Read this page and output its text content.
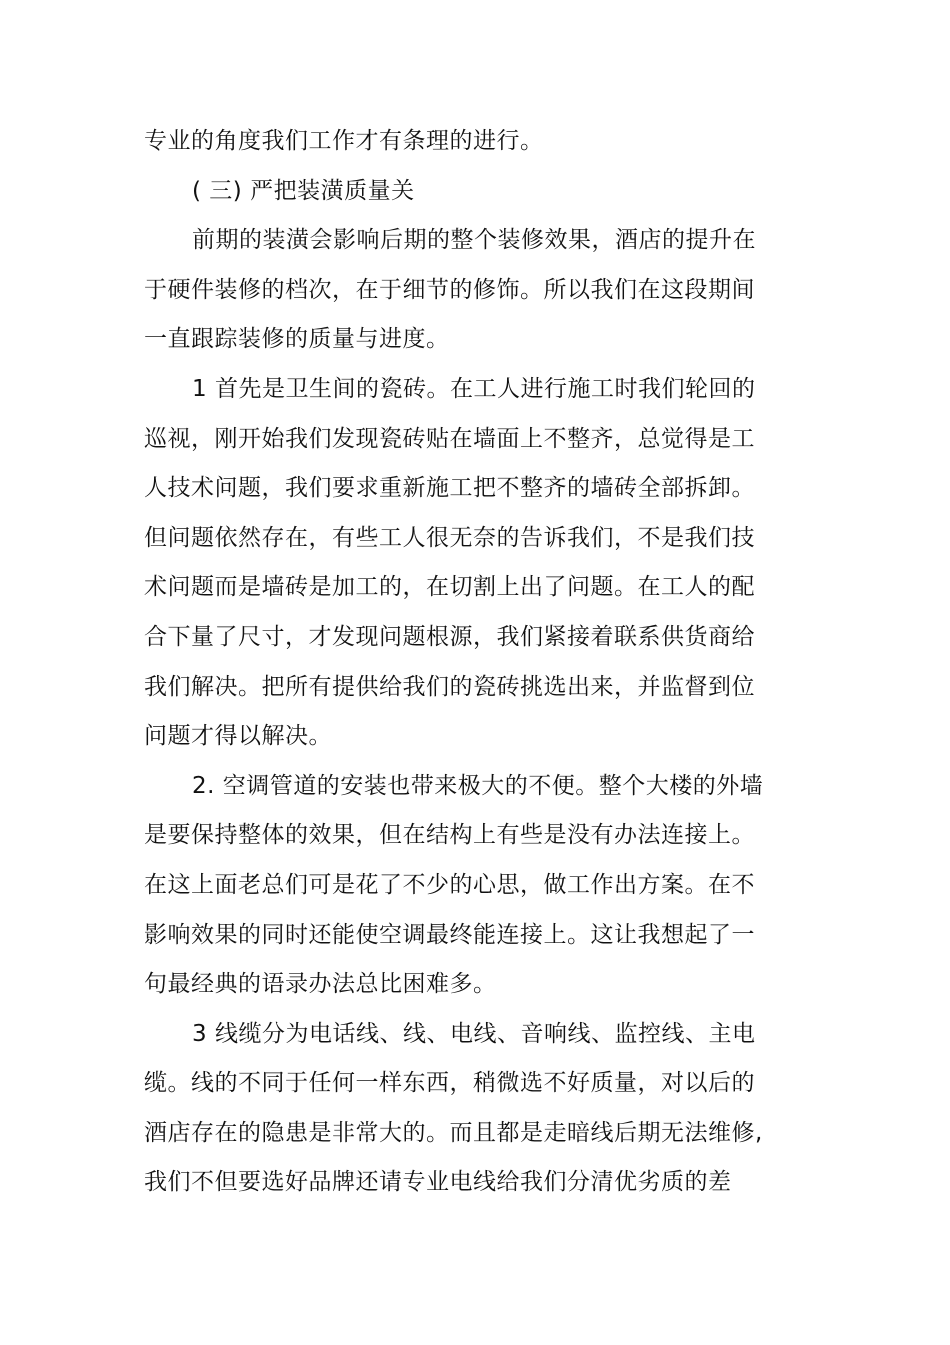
专业的角度我们工作才有条理的进行。
( 三) 严把装潢质量关
前期的装潢会影响后期的整个装修效果，酒店的提升在
于硬件装修的档次，在于细节的修饰。所以我们在这段期间
一直跟踪装修的质量与进度。
1 首先是卫生间的瓷砖。在工人进行施工时我们轮回的
巡视，刚开始我们发现瓷砖贴在墙面上不整齐，总觉得是工
人技术问题，我们要求重新施工把不整齐的墙砖全部拆卸。
但问题依然存在，有些工人很无奈的告诉我们，不是我们技
术问题而是墙砖是加工的，在切割上出了问题。在工人的配
合下量了尺寸，才发现问题根源，我们紧接着联系供货商给
我们解决。把所有提供给我们的瓷砖挑选出来，并监督到位
问题才得以解决。
2. 空调管道的安装也带来极大的不便。整个大楼的外墙
是要保持整体的效果，但在结构上有些是没有办法连接上。
在这上面老总们可是花了不少的心思，做工作出方案。在不
影响效果的同时还能使空调最终能连接上。这让我想起了一
句最经典的语录办法总比困难多。
3 线缆分为电话线、线、电线、音响线、监控线、主电
缆。线的不同于任何一样东西，稍微选不好质量，对以后的
酒店存在的隐患是非常大的。而且都是走暗线后期无法维修,
我们不但要选好品牌还请专业电线给我们分清优劣质的差
